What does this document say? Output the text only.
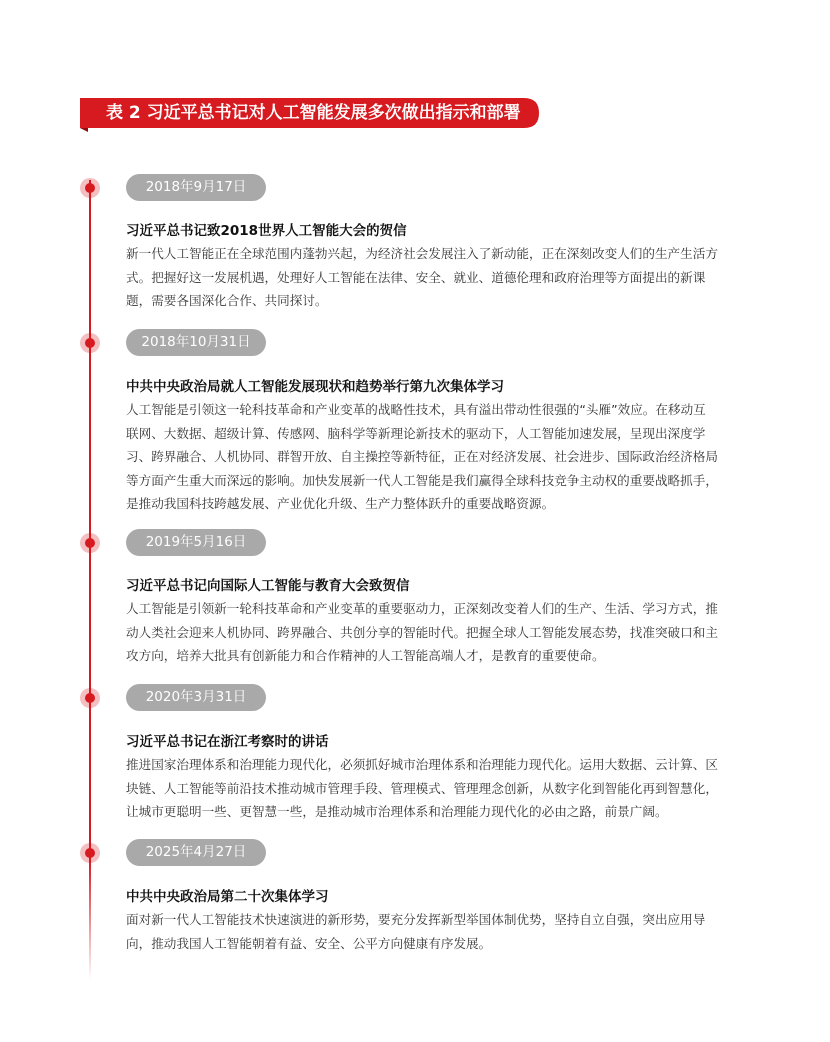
表 2 习近平总书记对人工智能发展多次做出指示和部署
2018年9月17日
习近平总书记致2018世界人工智能大会的贺信
新一代人工智能正在全球范围内蓬勃兴起，为经济社会发展注入了新动能，正在深刻改变人们的生产生活方
式。把握好这一发展机遇，处理好人工智能在法律、安全、就业、道德伦理和政府治理等方面提出的新课
题，需要各国深化合作、共同探讨。
2018年10月31日
中共中央政治局就人工智能发展现状和趋势举行第九次集体学习
人工智能是引领这一轮科技革命和产业变革的战略性技术，具有溢出带动性很强的“头雁”效应。在移动互
联网、大数据、超级计算、传感网、脑科学等新理论新技术的驱动下，人工智能加速发展，呈现出深度学
习、跨界融合、人机协同、群智开放、自主操控等新特征，正在对经济发展、社会进步、国际政治经济格局
等方面产生重大而深远的影响。加快发展新一代人工智能是我们赢得全球科技竞争主动权的重要战略抓手，
是推动我国科技跨越发展、产业优化升级、生产力整体跃升的重要战略资源。
2019年5月16日
习近平总书记向国际人工智能与教育大会致贺信
人工智能是引领新一轮科技革命和产业变革的重要驱动力，正深刻改变着人们的生产、生活、学习方式，推
动人类社会迎来人机协同、跨界融合、共创分享的智能时代。把握全球人工智能发展态势，找准突破口和主
攻方向，培养大批具有创新能力和合作精神的人工智能高端人才，是教育的重要使命。
2020年3月31日
习近平总书记在浙江考察时的讲话
推进国家治理体系和治理能力现代化，必须抓好城市治理体系和治理能力现代化。运用大数据、云计算、区
块链、人工智能等前沿技术推动城市管理手段、管理模式、管理理念创新，从数字化到智能化再到智慧化，
让城市更聪明一些、更智慧一些，是推动城市治理体系和治理能力现代化的必由之路，前景广阔。
2025年4月27日
中共中央政治局第二十次集体学习
面对新一代人工智能技术快速演进的新形势，要充分发挥新型举国体制优势，坚持自立自强，突出应用导
向，推动我国人工智能朝着有益、安全、公平方向健康有序发展。
